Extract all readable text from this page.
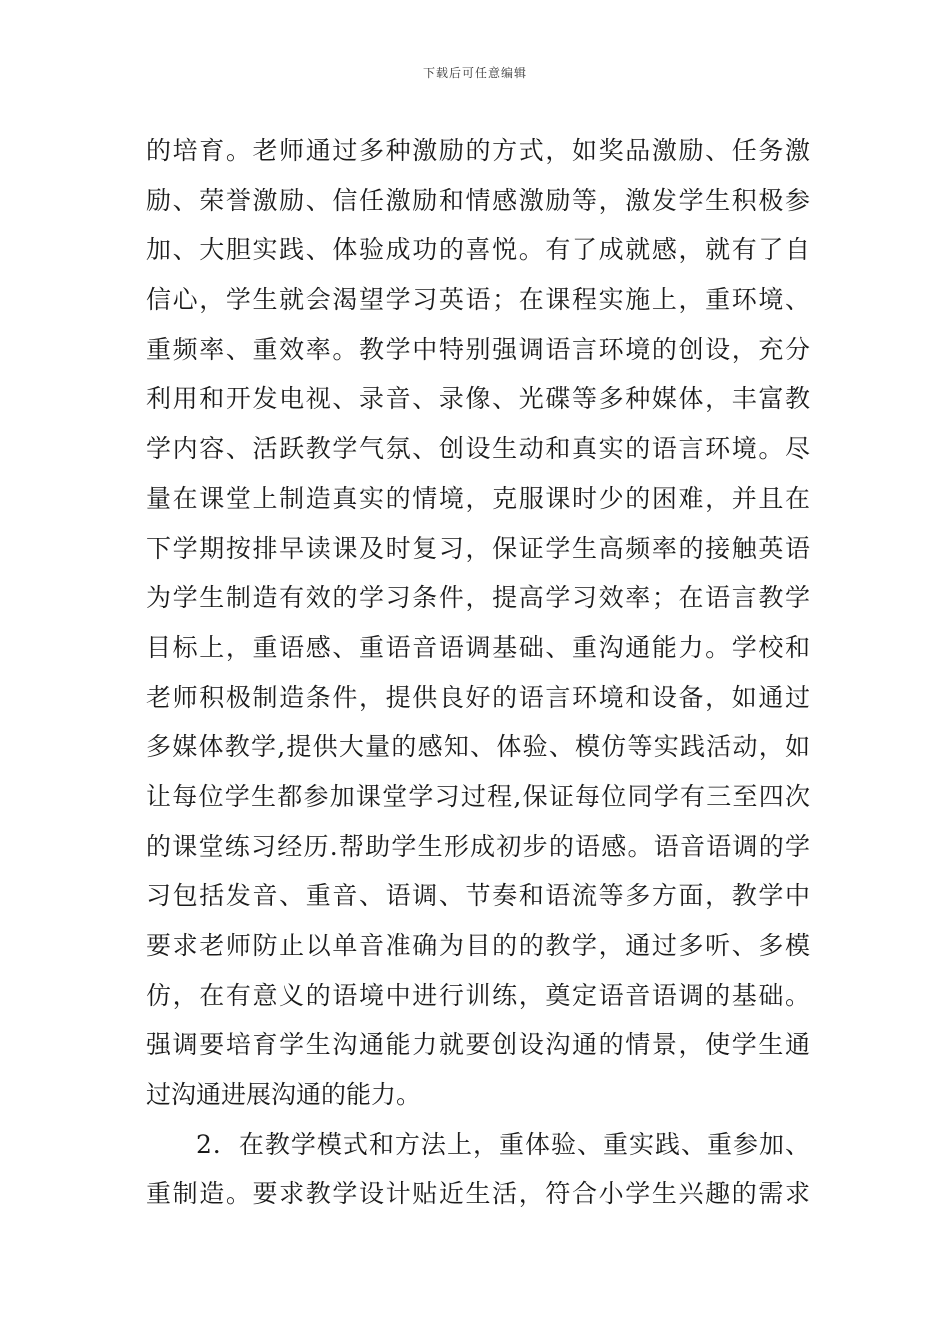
下载后可任意编辑
的培育。老师通过多种激励的方式，如奖品激励、任务激
励、荣誉激励、信任激励和情感激励等，激发学生积极参
加、大胆实践、体验成功的喜悦。有了成就感，就有了自
信心，学生就会渴望学习英语；在课程实施上，重环境、
重频率、重效率。教学中特别强调语言环境的创设，充分
利用和开发电视、录音、录像、光碟等多种媒体，丰富教
学内容、活跃教学气氛、创设生动和真实的语言环境。尽
量在课堂上制造真实的情境，克服课时少的困难，并且在
下学期按排早读课及时复习，保证学生高频率的接触英语
为学生制造有效的学习条件，提高学习效率；在语言教学
目标上，重语感、重语音语调基础、重沟通能力。学校和
老师积极制造条件，提供良好的语言环境和设备，如通过
多媒体教学,提供大量的感知、体验、模仿等实践活动，如
让每位学生都参加课堂学习过程,保证每位同学有三至四次
的课堂练习经历.帮助学生形成初步的语感。语音语调的学
习包括发音、重音、语调、节奏和语流等多方面，教学中
要求老师防止以单音准确为目的的教学，通过多听、多模
仿，在有意义的语境中进行训练，奠定语音语调的基础。
强调要培育学生沟通能力就要创设沟通的情景，使学生通
过沟通进展沟通的能力。
2．在教学模式和方法上，重体验、重实践、重参加、
重制造。要求教学设计贴近生活，符合小学生兴趣的需求
